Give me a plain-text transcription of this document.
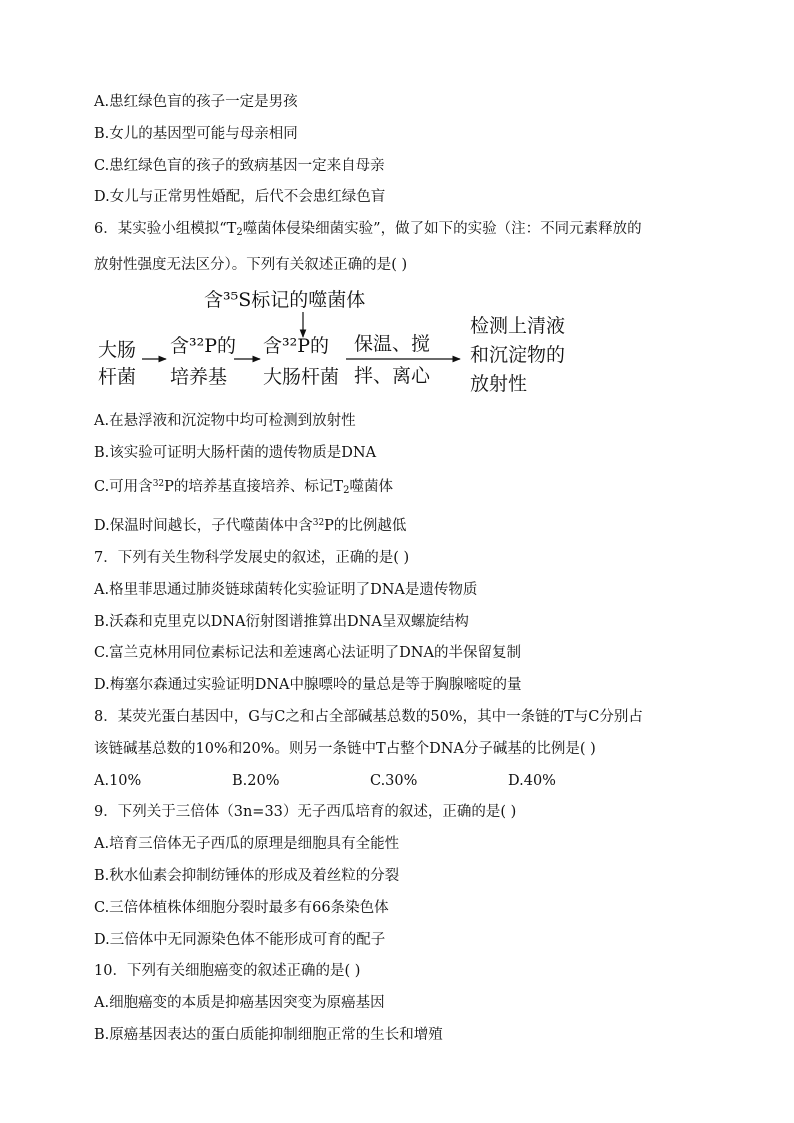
A.患红绿色盲的孩子一定是男孩
B.女儿的基因型可能与母亲相同
C.患红绿色盲的孩子的致病基因一定来自母亲
D.女儿与正常男性婚配，后代不会患红绿色盲
6．某实验小组模拟“$T_2$噬菌体侵染细菌实验”，做了如下的实验（注：不同元素释放的
放射性强度无法区分）。下列有关叙述正确的是( )
含³⁵S标记的噬菌体
大肠
杆菌
含³²P的
培养基
含³²P的
大肠杆菌
保温、搅
拌、离心
检测上清液
和沉淀物的
放射性
A.在悬浮液和沉淀物中均可检测到放射性
B.该实验可证明大肠杆菌的遗传物质是DNA
C.可用含$^{32}$P的培养基直接培养、标记$T_2$噬菌体
D.保温时间越长，子代噬菌体中含$^{32}$P的比例越低
7．下列有关生物科学发展史的叙述，正确的是( )
A.格里菲思通过肺炎链球菌转化实验证明了DNA是遗传物质
B.沃森和克里克以DNA衍射图谱推算出DNA呈双螺旋结构
C.富兰克林用同位素标记法和差速离心法证明了DNA的半保留复制
D.梅塞尔森通过实验证明DNA中腺嘌呤的量总是等于胸腺嘧啶的量
8．某荧光蛋白基因中，G与C之和占全部碱基总数的50%，其中一条链的T与C分别占
该链碱基总数的10%和20%。则另一条链中T占整个DNA分子碱基的比例是( )
A.10%	B.20%	C.30%	D.40%
9．下列关于三倍体（3n=33）无子西瓜培育的叙述，正确的是( )
A.培育三倍体无子西瓜的原理是细胞具有全能性
B.秋水仙素会抑制纺锤体的形成及着丝粒的分裂
C.三倍体植株体细胞分裂时最多有66条染色体
D.三倍体中无同源染色体不能形成可育的配子
10．下列有关细胞癌变的叙述正确的是( )
A.细胞癌变的本质是抑癌基因突变为原癌基因
B.原癌基因表达的蛋白质能抑制细胞正常的生长和增殖
